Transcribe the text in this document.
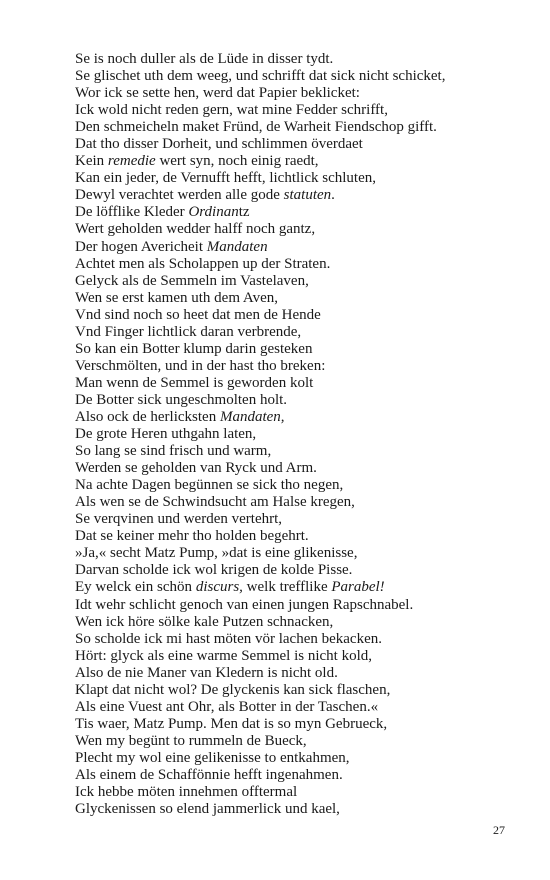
Se is noch duller als de Lüde in disser tydt.
Se glischet uth dem weeg, und schrifft dat sick nicht schicket,
Wor ick se sette hen, werd dat Papier beklicket:
Ick wold nicht reden gern, wat mine Fedder schrifft,
Den schmeicheln maket Fründ, de Warheit Fiendschop gifft.
Dat tho disser Dorheit, und schlimmen överdaet
Kein remedie wert syn, noch einig raedt,
Kan ein jeder, de Vernufft hefft, lichtlick schluten,
Dewyl verachtet werden alle gode statuten.
De löfflike Kleder Ordinantz
Wert geholden wedder halff noch gantz,
Der hogen Avericheit Mandaten
Achtet men als Scholappen up der Straten.
Gelyck als de Semmeln im Vastelaven,
Wen se erst kamen uth dem Aven,
Vnd sind noch so heet dat men de Hende
Vnd Finger lichtlick daran verbrende,
So kan ein Botter klump darin gesteken
Verschmölten, und in der hast tho breken:
Man wenn de Semmel is geworden kolt
De Botter sick ungeschmolten holt.
Also ock de herlicksten Mandaten,
De grote Heren uthgahn laten,
So lang se sind frisch und warm,
Werden se geholden van Ryck und Arm.
Na achte Dagen begünnen se sick tho negen,
Als wen se de Schwindsucht am Halse kregen,
Se verqvinen und werden vertehrt,
Dat se keiner mehr tho holden begehrt.
»Ja,« secht Matz Pump, »dat is eine glikenisse,
Darvan scholde ick wol krigen de kolde Pisse.
Ey welck ein schön discurs, welk trefflike Parabel!
Idt wehr schlicht genoch van einen jungen Rapschnabel.
Wen ick höre sölke kale Putzen schnacken,
So scholde ick mi hast möten vör lachen bekacken.
Hört: glyck als eine warme Semmel is nicht kold,
Also de nie Maner van Kledern is nicht old.
Klapt dat nicht wol? De glyckenis kan sick flaschen,
Als eine Vuest ant Ohr, als Botter in der Taschen.«
Tis waer, Matz Pump. Men dat is so myn Gebrueck,
Wen my begünt to rummeln de Bueck,
Plecht my wol eine gelikenisse to entkahmen,
Als einem de Schaffönnie hefft ingenahmen.
Ick hebbe möten innehmen offtermal
Glyckenissen so elend jammerlick und kael,
27
